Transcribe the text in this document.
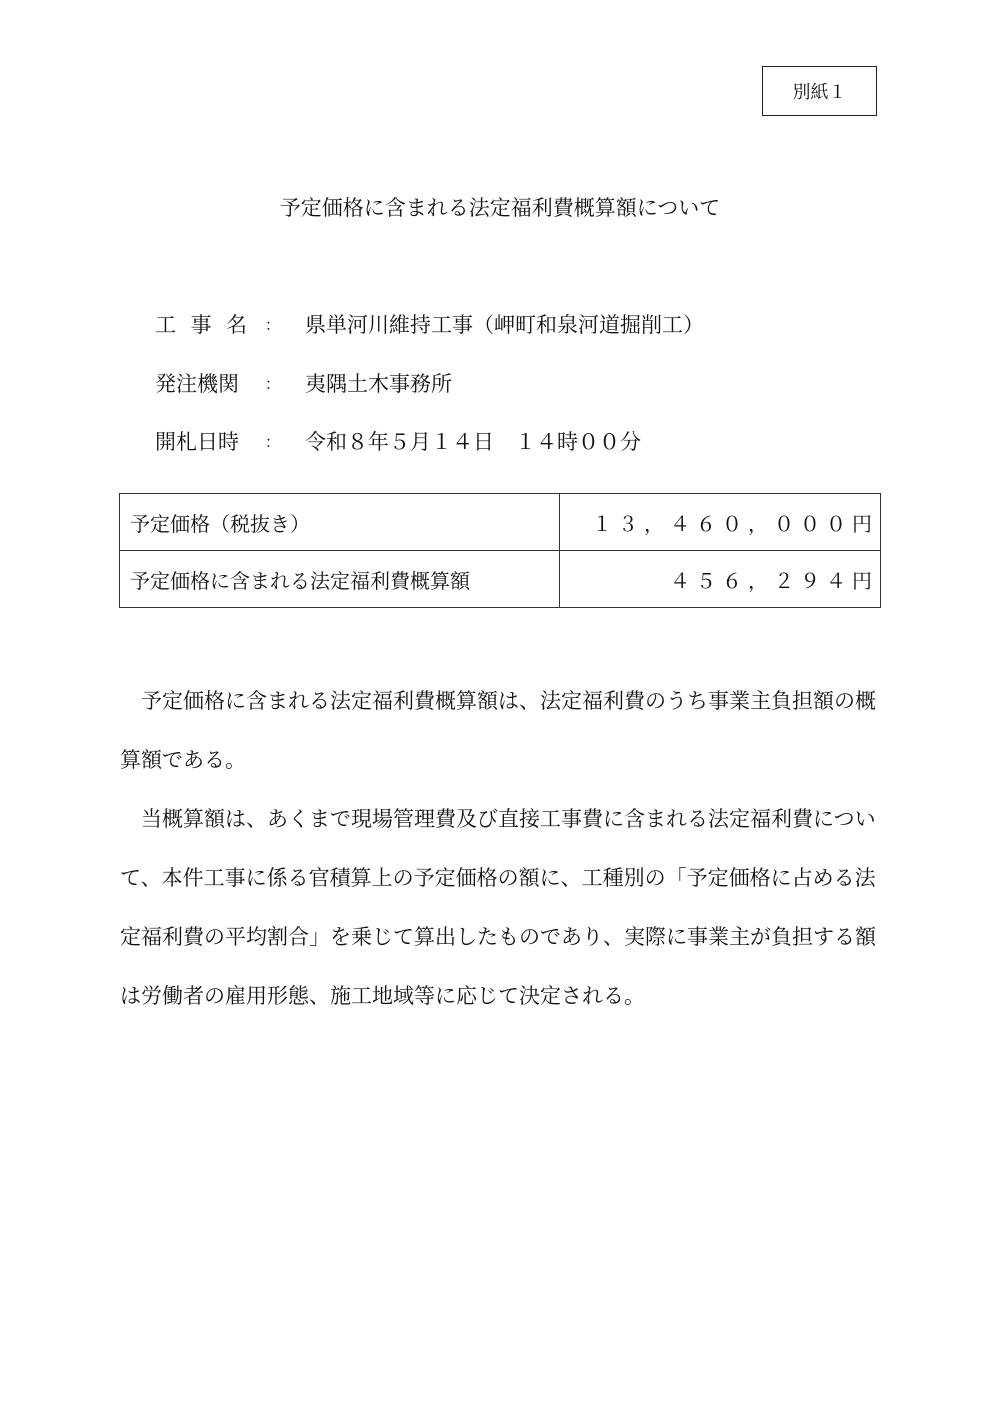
別紙１
予定価格に含まれる法定福利費概算額について
工 事 名 ： 県単河川維持工事（岬町和泉河道掘削工）
発注機関	： 夷隅土木事務所
開札日時	： 令和８年５月１４日　１４時００分
予定価格（税抜き）	１３，４６０，０００円
予定価格に含まれる法定福利費概算額	４５６，２９４円

予定価格に含まれる法定福利費概算額は、法定福利費のうち事業主負担額の概算額である。

当概算額は、あくまで現場管理費及び直接工事費に含まれる法定福利費について、本件工事に係る官積算上の予定価格の額に、工種別の「予定価格に占める法定福利費の平均割合」を乗じて算出したものであり、実際に事業主が負担する額は労働者の雇用形態、施工地域等に応じて決定される。
